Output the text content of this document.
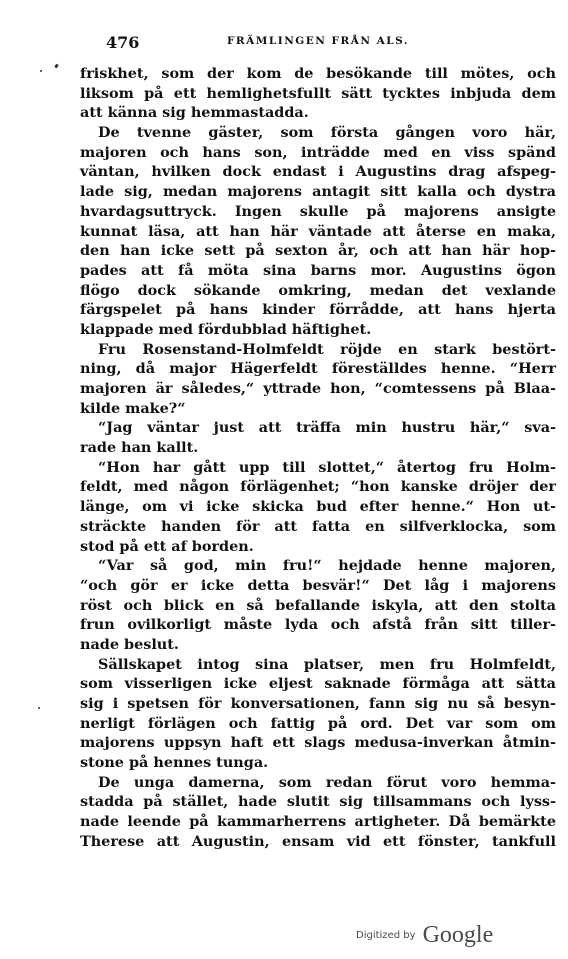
476	FRÄMLINGEN FRÅN ALS.
friskhet, som der kom de besökande till mötes, och
liksom på ett hemlighetsfullt sätt tycktes inbjuda dem
att känna sig hemmastadda.
De tvenne gäster, som första gången voro här,
majoren och hans son, inträdde med en viss spänd
väntan, hvilken dock endast i Augustins drag afspeg-
lade sig, medan majorens antagit sitt kalla och dystra
hvardagsuttryck. Ingen skulle på majorens ansigte
kunnat läsa, att han här väntade att återse en maka,
den han icke sett på sexton år, och att han här hop-
pades att få möta sina barns mor. Augustins ögon
flögo dock sökande omkring, medan det vexlande
färgspelet på hans kinder förrådde, att hans hjerta
klappade med fördubblad häftighet.
Fru Rosenstand-Holmfeldt röjde en stark bestört-
ning, då major Hägerfeldt föreställdes henne. “Herr
majoren är således,“ yttrade hon, “comtessens på Blaa-
kilde make?“
“Jag väntar just att träffa min hustru här,“ sva-
rade han kallt.
“Hon har gått upp till slottet,“ återtog fru Holm-
feldt, med någon förlägenhet; “hon kanske dröjer der
länge, om vi icke skicka bud efter henne.“ Hon ut-
sträckte handen för att fatta en silfverklocka, som
stod på ett af borden.
“Var så god, min fru!“ hejdade henne majoren,
“och gör er icke detta besvär!“ Det låg i majorens
röst och blick en så befallande iskyla, att den stolta
frun ovilkorligt måste lyda och afstå från sitt tiller-
nade beslut.
Sällskapet intog sina platser, men fru Holmfeldt,
som visserligen icke eljest saknade förmåga att sätta
sig i spetsen för konversationen, fann sig nu så besyn-
nerligt förlägen och fattig på ord. Det var som om
majorens uppsyn haft ett slags medusa-inverkan åtmin-
stone på hennes tunga.
De unga damerna, som redan förut voro hemma-
stadda på stället, hade slutit sig tillsammans och lyss-
nade leende på kammarherrens artigheter. Då bemärkte
Therese att Augustin, ensam vid ett fönster, tankfull
Digitized by Google
